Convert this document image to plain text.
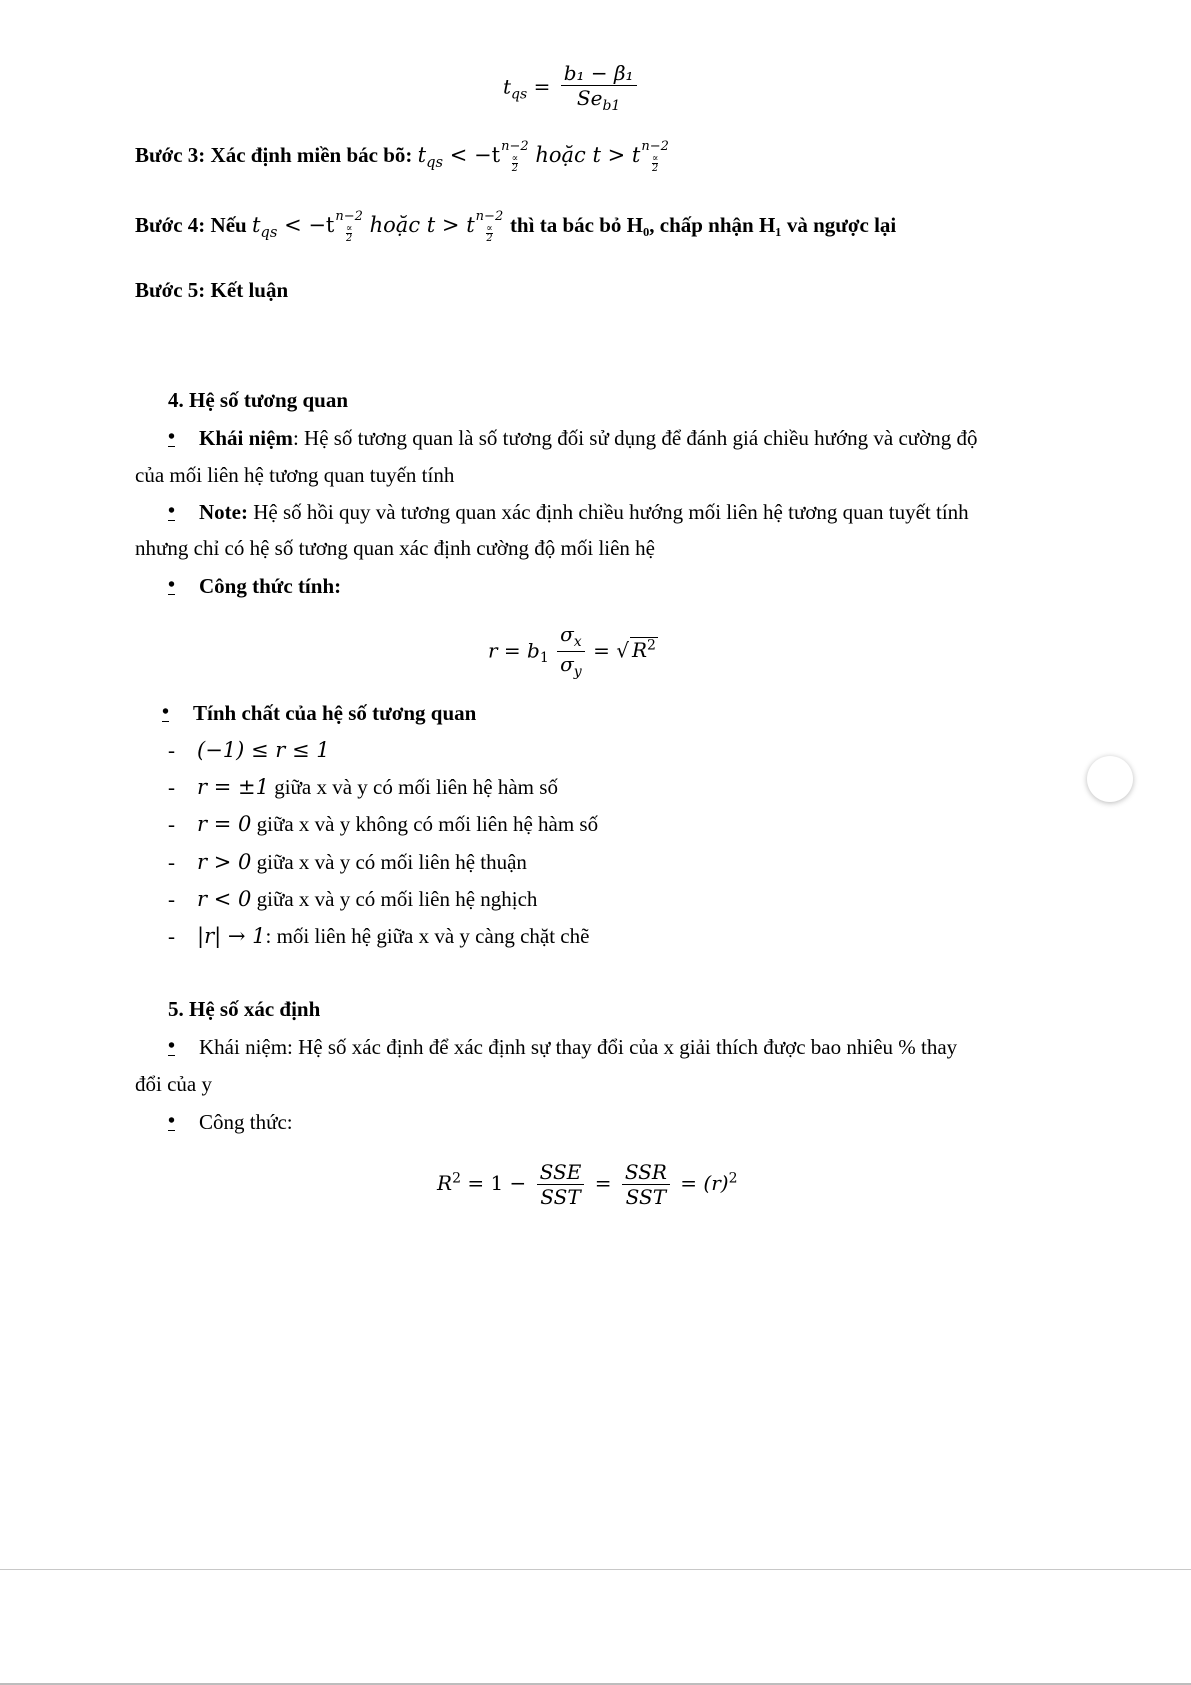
$t_{qs} = \frac{\text{b₁ − β₁}}{Se_{b1}}$
Bước 3: Xác định miền bác bõ: $t_{qs} < -t$ n−2
∝
2
hoặc t > t n−2
∝
2
Bước 4: Nếu $t_{qs} < -t$ n−2
∝
2
hoặc t > t n−2
∝
2
thì ta bác bỏ H₀, chấp nhận H₁ và ngược lại
Bước 5: Kết luận
4. Hệ số tương quan
• Khái niệm: Hệ số tương quan là số tương đối sử dụng để đánh giá chiều hướng và cường độ
của mối liên hệ tương quan tuyến tính
• Note: Hệ số hồi quy và tương quan xác định chiều hướng mối liên hệ tương quan tuyết tính
nhưng chỉ có hệ số tương quan xác định cường độ mối liên hệ
• Công thức tính:
$r = b_1 \frac{\sigma_x}{\sigma_y}$ = √ $R^2$
• Tính chất của hệ số tương quan
- (−1) ≤ r ≤ 1
- r = ±1 giữa x và y có mối liên hệ hàm số
- r = 0 giữa x và y không có mối liên hệ hàm số
- r > 0 giữa x và y có mối liên hệ thuận
- r < 0 giữa x và y có mối liên hệ nghịch
- |r| → 1: mối liên hệ giữa x và y càng chặt chẽ
5. Hệ số xác định
• Khái niệm: Hệ số xác định để xác định sự thay đổi của x giải thích được bao nhiêu % thay
đổi của y
• Công thức:
$R^2 = 1 - \frac{\text{SSE}}{\text{SST}} = \frac{\text{SSR}}{\text{SST}} = (r)^2$
